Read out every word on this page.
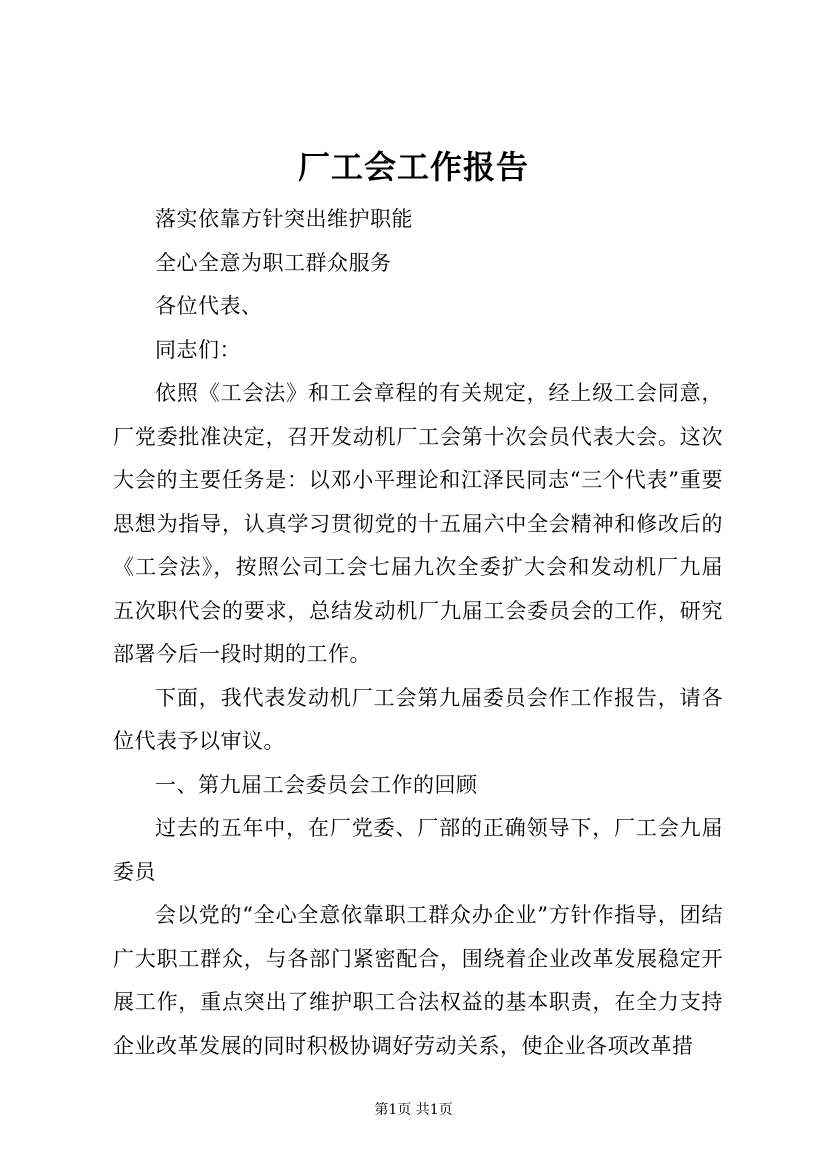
厂工会工作报告

落实依靠方针突出维护职能

全心全意为职工群众服务

各位代表、

同志们：

依照《工会法》和工会章程的有关规定，经上级工会同意，厂党委批准决定，召开发动机厂工会第十次会员代表大会。这次大会的主要任务是：以邓小平理论和江泽民同志“三个代表”重要思想为指导，认真学习贯彻党的十五届六中全会精神和修改后的《工会法》，按照公司工会七届九次全委扩大会和发动机厂九届五次职代会的要求，总结发动机厂九届工会委员会的工作，研究部署今后一段时期的工作。

下面，我代表发动机厂工会第九届委员会作工作报告，请各位代表予以审议。

一、第九届工会委员会工作的回顾

过去的五年中，在厂党委、厂部的正确领导下，厂工会九届委员

会以党的“全心全意依靠职工群众办企业”方针作指导，团结广大职工群众，与各部门紧密配合，围绕着企业改革发展稳定开展工作，重点突出了维护职工合法权益的基本职责，在全力支持企业改革发展的同时积极协调好劳动关系，使企业各项改革措

第1页 共1页
